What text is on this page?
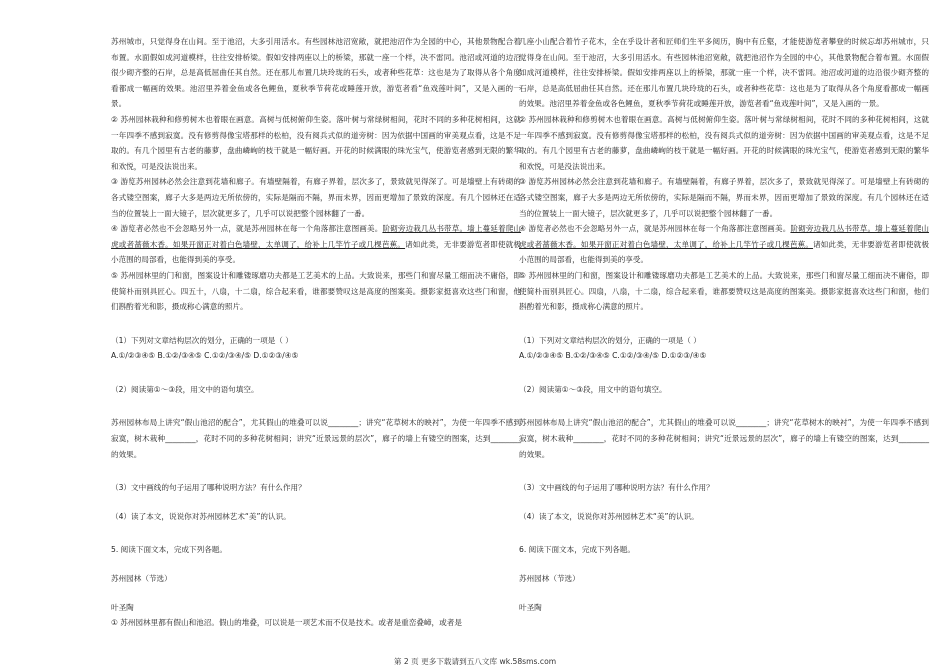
苏州城市，只觉得身在山间。至于池沼，大多引用活水。有些园林池沼宽敞，就把池沼作为全园的中心，其他景物配合着布置。水面假如成河道模样，往往安排桥梁。假如安排两座以上的桥梁，那就一座一个样，决不雷同。池沼或河道的边沿很少砌齐整的石岸，总是高低屈曲任其自然。还在那儿布置几块玲珑的石头，或者种些花草：这也是为了取得从各个角度看都成一幅画的效果。池沼里养着金鱼或各色鲤鱼，夏秋季节荷花或睡莲开放，游览者看“鱼戏莲叶间”，又是入画的一景。

② 苏州园林栽种和修剪树木也着眼在画意。高树与低树俯仰生姿。落叶树与常绿树相间，花时不同的多种花树相间，这就一年四季不感到寂寞。没有修剪得像宝塔那样的松柏，没有阅兵式似的道旁树：因为依据中国画的审美观点看，这是不足取的。有几个园里有古老的藤萝，盘曲嶙峋的枝干就是一幅好画。开花的时候满眼的珠光宝气，使游览者感到无限的繁华和欢悦，可是没法说出来。

③ 游览苏州园林必然会注意到花墙和廊子。有墙壁隔着，有廊子界着，层次多了，景致就见得深了。可是墙壁上有砖砌的各式镂空图案，廊子大多是两边无所依傍的，实际是隔而不隔，界而未界，因而更增加了景致的深度。有几个园林还在适当的位置装上一面大镜子，层次就更多了，几乎可以说把整个园林翻了一番。

④ 游览者必然也不会忽略另外一点，就是苏州园林在每一个角落都注意图画美。阶砌旁边栽几丛书带草。墙上蔓延着爬山虎或者蔷薇木香。如果开窗正对着白色墙壁，太单调了，给补上几竿竹子或几棵芭蕉。诸如此类，无非要游览者即使就极小范围的局部看，也能得到美的享受。

⑤ 苏州园林里的门和窗，图案设计和雕镂琢磨功夫都是工艺美术的上品。大致说来，那些门和窗尽量工细而决不庸俗，即使简朴而别具匠心。四五十，八扇，十二扇，综合起来看，谁都要赞叹这是高度的图案美。摄影家挺喜欢这些门和窗，他们斟酌着光和影，摄成称心满意的照片。

（1）下列对文章结构层次的划分，正确的一项是（ ）

A.①/②③④⑤ B.①②/③④⑤ C.①②/③④/⑤ D.①②③/④⑤

（2）阅读第①～③段，用文中的语句填空。

苏州园林布局上讲究“假山池沼的配合”，尤其假山的堆叠可以说________；讲究“花草树木的映衬”，为使一年四季不感到寂寞，树木栽种________，花时不同的多种花树相间；讲究“近景远景的层次”，廊子的墙上有镂空的图案，达到________的效果。

（3）文中画线的句子运用了哪种说明方法？有什么作用？

（4）读了本文，说说你对苏州园林艺术“美”的认识。

5. 阅读下面文本，完成下列各题。

苏州园林（节选）

叶圣陶

① 苏州园林里都有假山和池沼。假山的堆叠，可以说是一项艺术而不仅是技术。或者是重峦叠嶂，或者是

几座小山配合着竹子花木，全在乎设计者和匠师们生平多阅历，胸中有丘壑，才能使游览者攀登的时候忘却苏州城市，只觉得身在山间。至于池沼，大多引用活水。有些园林池沼宽敞，就把池沼作为全园的中心，其他景物配合着布置。水面假如成河道模样，往往安排桥梁。假如安排两座以上的桥梁，那就一座一个样，决不雷同。池沼或河道的边沿很少砌齐整的石岸，总是高低屈曲任其自然。还在那儿布置几块玲珑的石头，或者种些花草：这也是为了取得从各个角度看都成一幅画的效果。池沼里养着金鱼或各色鲤鱼，夏秋季节荷花或睡莲开放，游览者看“鱼戏莲叶间”，又是入画的一景。

② 苏州园林栽种和修剪树木也着眼在画意。高树与低树俯仰生姿。落叶树与常绿树相间，花时不同的多种花树相间，这就一年四季不感到寂寞。没有修剪得像宝塔那样的松柏，没有阅兵式似的道旁树：因为依据中国画的审美观点看，这是不足取的。有几个园里有古老的藤萝，盘曲嶙峋的枝干就是一幅好画。开花的时候满眼的珠光宝气，使游览者感到无限的繁华和欢悦，可是没法说出来。

③ 游览苏州园林必然会注意到花墙和廊子。有墙壁隔着，有廊子界着，层次多了，景致就见得深了。可是墙壁上有砖砌的各式镂空图案，廊子大多是两边无所依傍的，实际是隔而不隔，界而未界，因而更增加了景致的深度。有几个园林还在适当的位置装上一面大镜子，层次就更多了，几乎可以说把整个园林翻了一番。

④ 游览者必然也不会忽略另外一点，就是苏州园林在每一个角落都注意图画美。阶砌旁边栽几丛书带草。墙上蔓延着爬山虎或者蔷薇木香。如果开窗正对着白色墙壁，太单调了，给补上几竿竹子或几棵芭蕉。诸如此类，无非要游览者即使就极小范围的局部看，也能得到美的享受。

⑤ 苏州园林里的门和窗，图案设计和雕镂琢磨功夫都是工艺美术的上品。大致说来，那些门和窗尽量工细而决不庸俗，即使简朴而别具匠心。四扇，八扇，十二扇，综合起来看，谁都要赞叹这是高度的图案美。摄影家挺喜欢这些门和窗，他们斟酌着光和影，摄成称心满意的照片。

（1）下列对文章结构层次的划分，正确的一项是（ ）

A.①/②③④⑤ B.①②/③④⑤ C.①②/③④/⑤ D.①②③/④⑤

（2）阅读第①～③段，用文中的语句填空。

苏州园林布局上讲究“假山池沼的配合”，尤其假山的堆叠可以说________；讲究“花草树木的映衬”，为使一年四季不感到寂寞，树木栽种________，花时不同的多种花树相间；讲究“近景远景的层次”，廊子的墙上有镂空的图案，达到________的效果。

（3）文中画线的句子运用了哪种说明方法？有什么作用？

（4）读了本文，说说你对苏州园林艺术“美”的认识。

6. 阅读下面文本，完成下列各题。

苏州园林（节选）

叶圣陶

第 2 页 更多下载请到五八文库 wk.58sms.com
